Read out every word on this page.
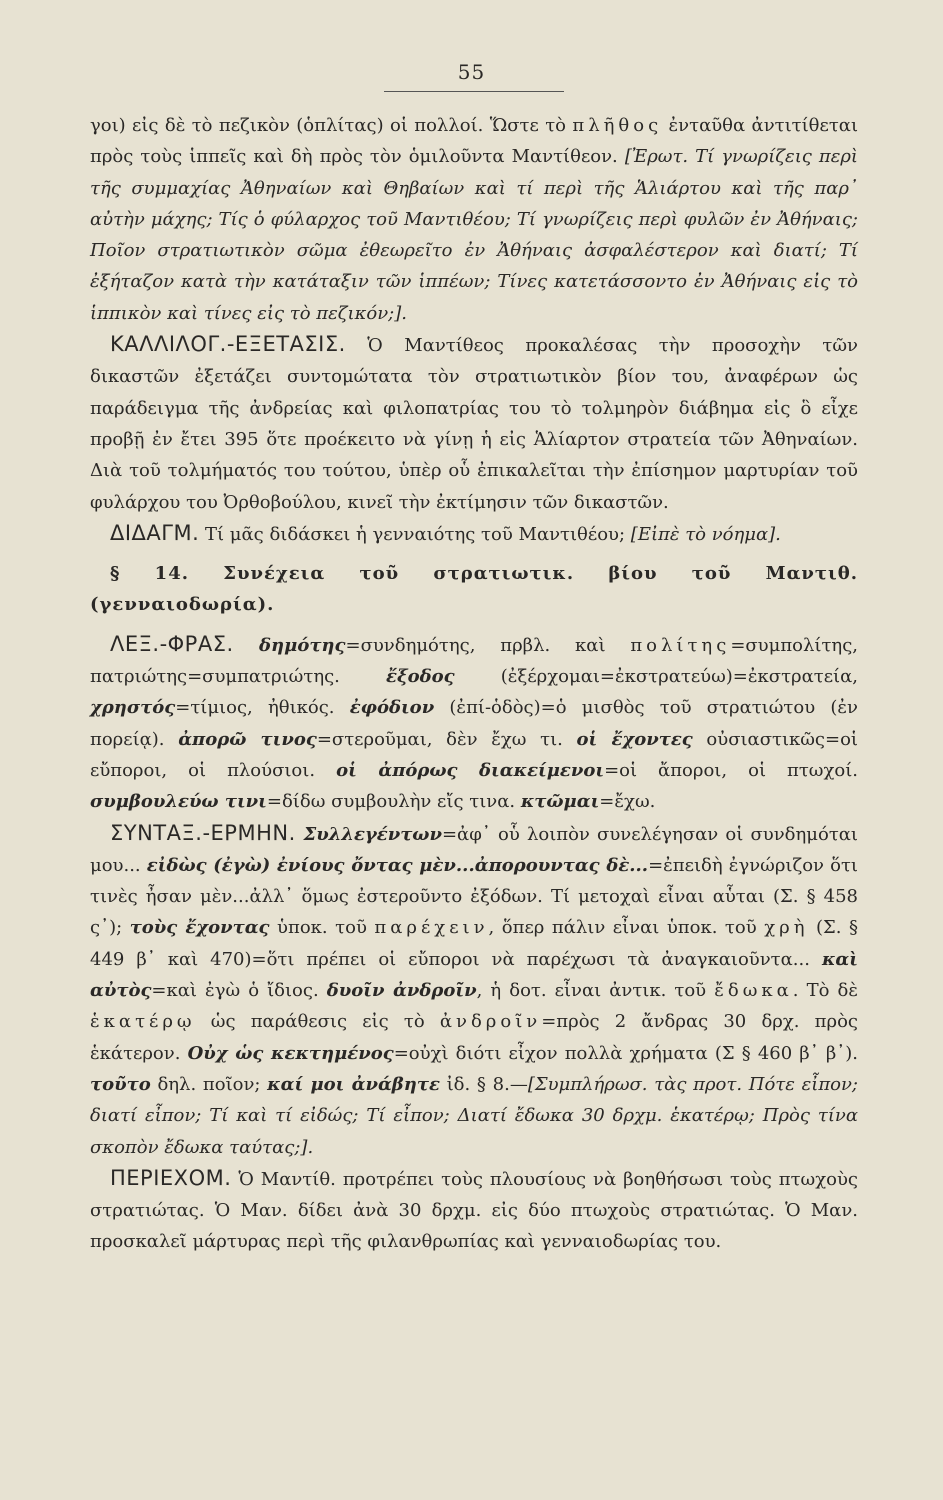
55

γοι) εἰς δὲ τὸ πεζικὸν (ὁπλίτας) οἱ πολλοί. Ὥστε τὸ πλῆθος ἐνταῦθα ἀντιτίθεται πρὸς τοὺς ἱππεῖς καὶ δὴ πρὸς τὸν ὁμιλοῦντα Μαντίθεον. [Ἐρωτ. Τί γνωρίζεις περὶ τῆς συμμαχίας Ἀθηναίων καὶ Θηβαίων καὶ τί περὶ τῆς Ἁλιάρτου καὶ τῆς παρ᾽ αὐτὴν μάχης; Τίς ὁ φύλαρχος τοῦ Μαντιθέου; Τί γνωρίζεις περὶ φυλῶν ἐν Ἀθήναις; Ποῖον στρατιωτικὸν σῶμα ἐθεωρεῖτο ἐν Ἀθήναις ἀσφαλέστερον καὶ διατί; Τί ἐξήταζον κατὰ τὴν κατάταξιν τῶν ἱππέων; Τίνες κατετάσσοντο ἐν Ἀθήναις εἰς τὸ ἱππικὸν καὶ τίνες εἰς τὸ πεζικόν;].

ΚΑΛΛΙΛΟΓ.-ΕΞΕΤΑΣΙΣ. Ὁ Μαντίθεος προκαλέσας τὴν προσοχὴν τῶν δικαστῶν ἐξετάζει συντομώτατα τὸν στρατιωτικὸν βίον του, ἀναφέρων ὡς παράδειγμα τῆς ἀνδρείας καὶ φιλοπατρίας του τὸ τολμηρὸν διάβημα εἰς ὃ εἶχε προβῇ ἐν ἔτει 395 ὅτε προέκειτο νὰ γίνῃ ἡ εἰς Ἁλίαρτον στρατεία τῶν Ἀθηναίων. Διὰ τοῦ τολμήματός του τούτου, ὑπὲρ οὗ ἐπικαλεῖται τὴν ἐπίσημον μαρτυρίαν τοῦ φυλάρχου του Ὀρθοβούλου, κινεῖ τὴν ἐκτίμησιν τῶν δικαστῶν.

ΔΙΔΑΓΜ. Τί μᾶς διδάσκει ἡ γενναιότης τοῦ Μαντιθέου; [Εἰπὲ τὸ νόημα].

§ 14. Συνέχεια τοῦ στρατιωτικ. βίου τοῦ Μαντιθ. (γενναιοδωρία).

ΛΕΞ.-ΦΡΑΣ. δημότης=συνδημότης, πρβλ. καὶ πολίτης=συμπολίτης, πατριώτης=συμπατριώτης. ἔξοδος (ἐξέρχομαι=ἐκστρατεύω)=ἐκστρατεία, χρηστός=τίμιος, ἠθικός. ἐφόδιον (ἐπί-ὁδὸς)=ὁ μισθὸς τοῦ στρατιώτου (ἐν πορείᾳ). ἀπορῶ τινος=στεροῦμαι, δὲν ἔχω τι. οἱ ἔχοντες οὐσιαστικῶς=οἱ εὔποροι, οἱ πλούσιοι. οἱ ἀπόρως διακείμενοι=οἱ ἄποροι, οἱ πτωχοί. συμβουλεύω τινι=δίδω συμβουλὴν εἴς τινα. κτῶμαι=ἔχω.

ΣΥΝΤΑΞ.-ΕΡΜΗΝ. Συλλεγέντων=ἀφ᾽ οὗ λοιπὸν συνελέγησαν οἱ συνδημόται μου... εἰδὼς (ἐγὼ) ἐνίους ὄντας μὲν...ἀπορουντας δὲ...=ἐπειδὴ ἐγνώριζον ὅτι τινὲς ἦσαν μὲν...ἀλλ᾽ ὅμως ἐστεροῦντο ἐξόδων. Τί μετοχαὶ εἶναι αὗται (Σ. § 458 ς᾽); τοὺς ἔχοντας ὑποκ. τοῦ παρέχειν, ὅπερ πάλιν εἶναι ὑποκ. τοῦ χρὴ (Σ. § 449 β᾽ καὶ 470)=ὅτι πρέπει οἱ εὔποροι νὰ παρέχωσι τὰ ἀναγκαιοῦντα... καὶ αὐτὸς=καὶ ἐγὼ ὁ ἴδιος. δυοῖν ἀνδροῖν, ἡ δοτ. εἶναι ἀντικ. τοῦ ἔδωκα. Τὸ δὲ ἑκατέρῳ ὡς παράθεσις εἰς τὸ ἀνδροῖν=πρὸς 2 ἄνδρας 30 δρχ. πρὸς ἑκάτερον. Οὐχ ὡς κεκτημένος=οὐχὶ διότι εἶχον πολλὰ χρήματα (Σ § 460 β᾽ β᾽). τοῦτο δηλ. ποῖον; καί μοι ἀνάβητε ἰδ. § 8.—[Συμπλήρωσ. τὰς προτ. Πότε εἶπον; διατί εἶπον; Τί καὶ τί εἰδώς; Τί εἶπον; Διατί ἔδωκα 30 δρχμ. ἑκατέρῳ; Πρὸς τίνα σκοπὸν ἔδωκα ταύτας;].

ΠΕΡΙΕΧΟΜ. Ὁ Μαντίθ. προτρέπει τοὺς πλουσίους νὰ βοηθήσωσι τοὺς πτωχοὺς στρατιώτας. Ὁ Μαν. δίδει ἀνὰ 30 δρχμ. εἰς δύο πτωχοὺς στρατιώτας. Ὁ Μαν. προσκαλεῖ μάρτυρας περὶ τῆς φιλανθρωπίας καὶ γενναιοδωρίας του.
